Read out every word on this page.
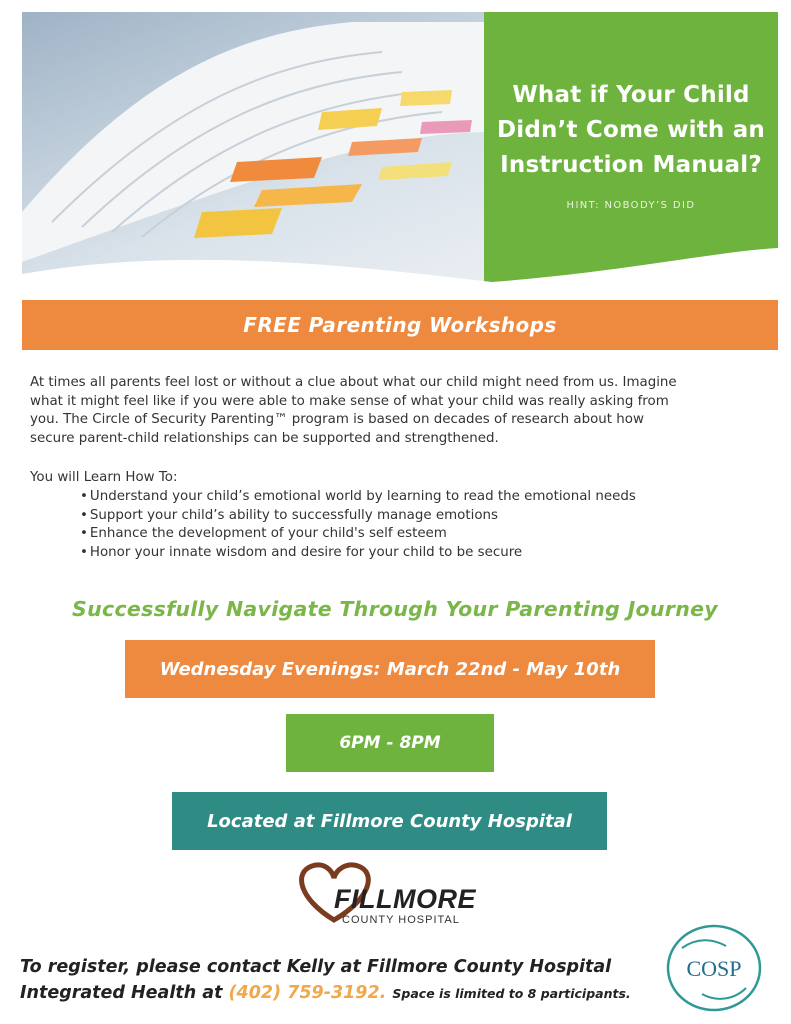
What if Your Child
Didn’t Come with an
Instruction Manual?
HINT: NOBODY’S DID
FREE Parenting Workshops

At times all parents feel lost or without a clue about what our child might need from us. Imagine
what it might feel like if you were able to make sense of what your child was really asking from
you. The Circle of Security Parenting™ program is based on decades of research about how
secure parent-child relationships can be supported and strengthened.

You will Learn How To:

• Understand your child’s emotional world by learning to read the emotional needs
• Support your child’s ability to successfully manage emotions
• Enhance the development of your child's self esteem
• Honor your innate wisdom and desire for your child to be secure
Successfully Navigate Through Your Parenting Journey
Wednesday Evenings: March 22nd - May 10th
6PM - 8PM
Located at Fillmore County Hospital
FILLMORE
COUNTY HOSPITAL

To register, please contact Kelly at Fillmore County Hospital
Integrated Health at (402) 759-3192. Space is limited to 8 participants.

COSP
